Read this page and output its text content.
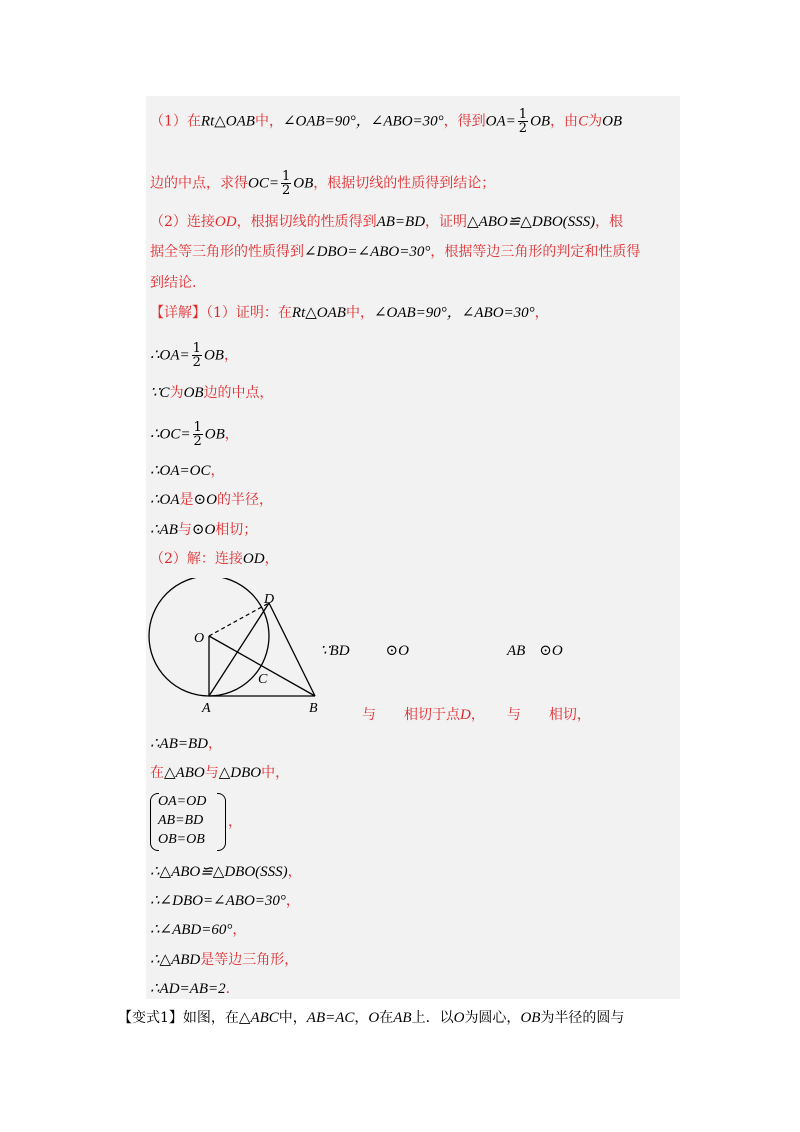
（1）在Rt△OAB中，∠OAB=90°，∠ABO=30°，得到$OA= \frac{1}{2}$ OB，由C为OB
边的中点，求得$OC= \frac{1}{2}$ OB，根据切线的性质得到结论；
（2）连接OD，根据切线的性质得到AB=BD，证明△ABO≌△DBO(SSS)，根
据全等三角形的性质得到∠DBO=∠ABO=30°，根据等边三角形的判定和性质得
到结论.
【详解】（1）证明：在Rt△OAB中，∠OAB=90°，∠ABO=30°，
∴OA= $\frac{1}{2}$ OB，
∵C为OB边的中点，
∴OC= $\frac{1}{2}$ OB，
∴OA=OC，
∴OA是⊙O的半径，
∴AB与⊙O相切；
（2）解：连接OD，
D
O
C
A	B
∵BD ⊙O	AB ⊙O
与 相切于点D， 与 相切，
∴AB=BD，
在△ABO与△DBO中，
OA=OD
AB=BD
OB=OB
，
∴△ABO≌△DBO(SSS)，
∴∠DBO=∠ABO=30°，
∴∠ABD=60°，
∴△ABD是等边三角形，
∴AD=AB=2.
【变式1】如图，在△ABC中，AB=AC，O在AB上．以O为圆心，OB为半径的圆与
